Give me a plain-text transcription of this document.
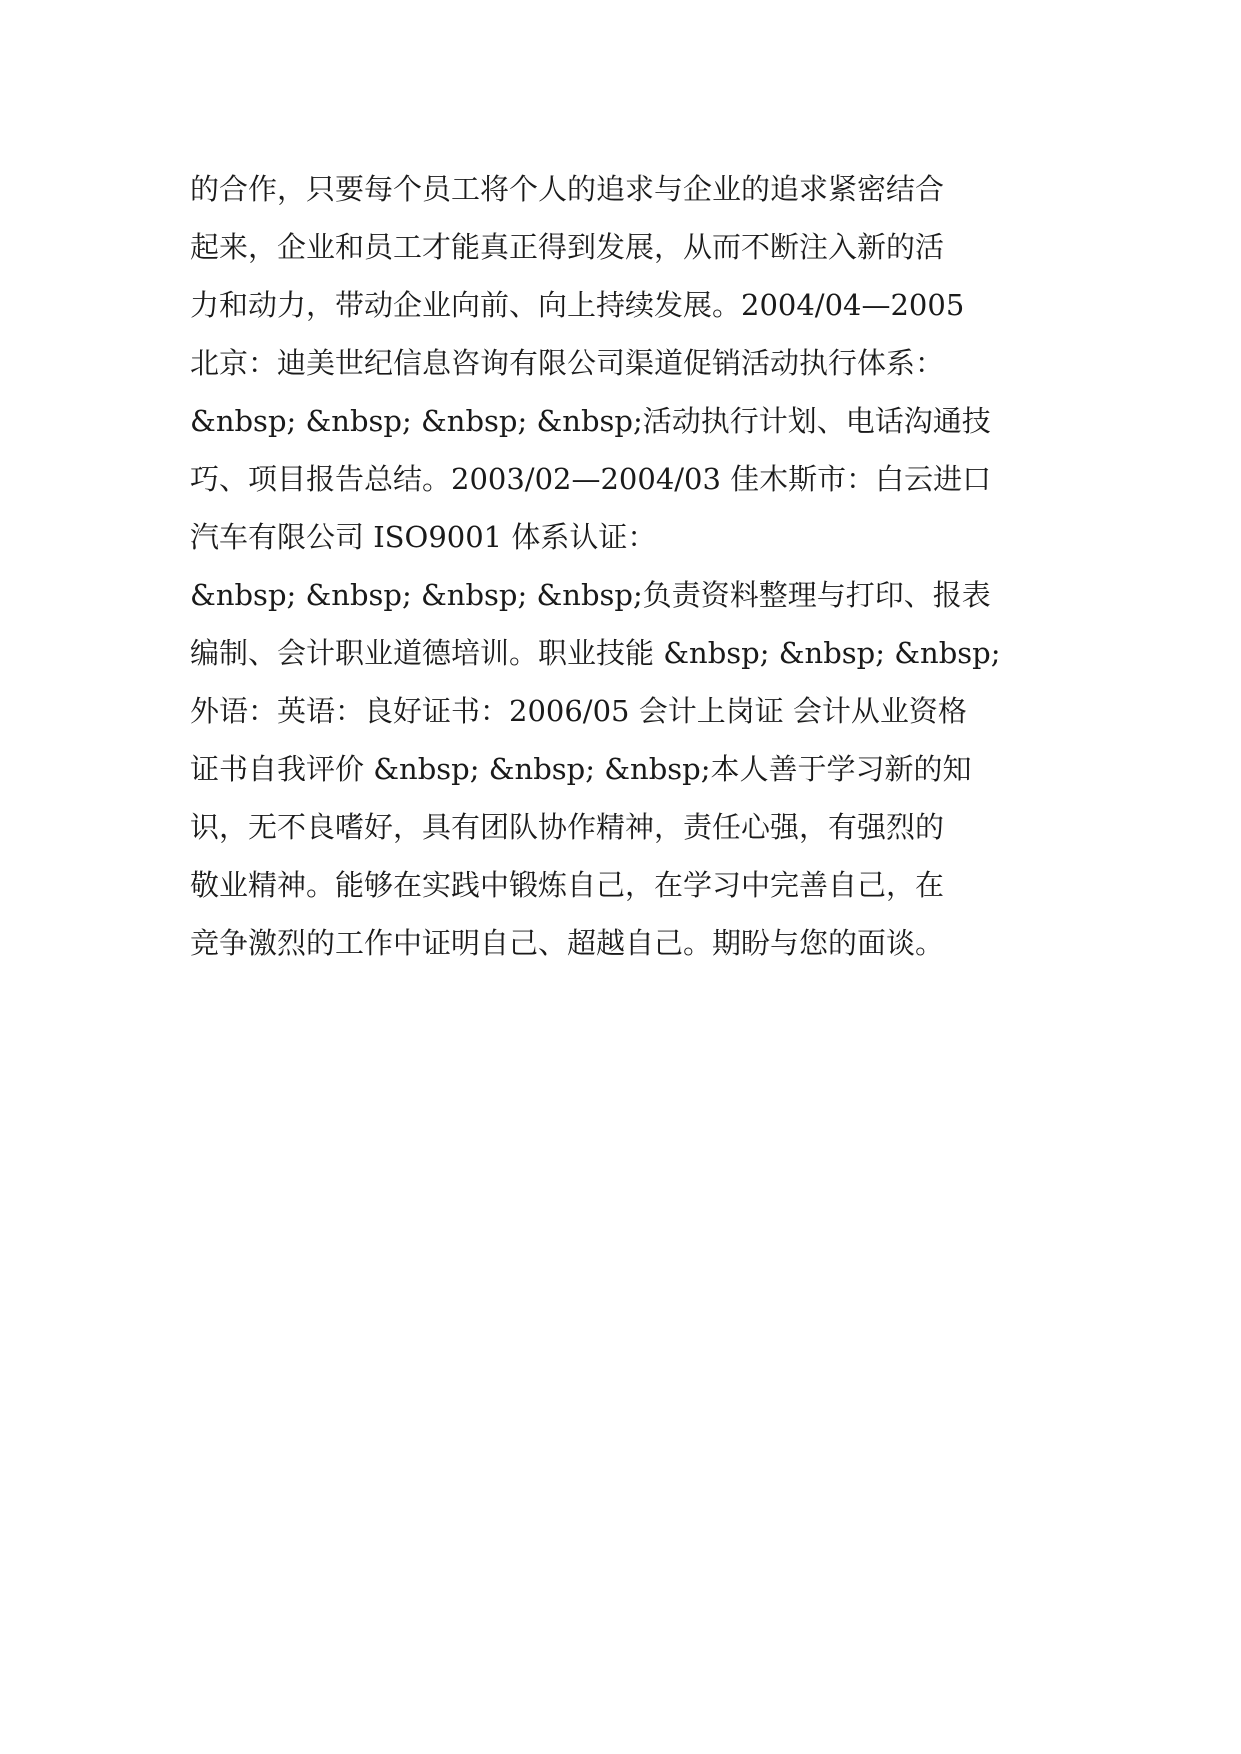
的合作，只要每个员工将个人的追求与企业的追求紧密结合
起来，企业和员工才能真正得到发展，从而不断注入新的活
力和动力，带动企业向前、向上持续发展。2004/04—2005
北京：迪美世纪信息咨询有限公司渠道促销活动执行体系：
&nbsp; &nbsp; &nbsp; &nbsp;活动执行计划、电话沟通技
巧、项目报告总结。2003/02—2004/03 佳木斯市：白云进口
汽车有限公司 ISO9001 体系认证：
&nbsp; &nbsp; &nbsp; &nbsp;负责资料整理与打印、报表
编制、会计职业道德培训。职业技能 &nbsp; &nbsp; &nbsp;
外语：英语：良好证书：2006/05 会计上岗证 会计从业资格
证书自我评价 &nbsp; &nbsp; &nbsp;本人善于学习新的知
识，无不良嗜好，具有团队协作精神，责任心强，有强烈的
敬业精神。能够在实践中锻炼自己，在学习中完善自己，在
竞争激烈的工作中证明自己、超越自己。期盼与您的面谈。
